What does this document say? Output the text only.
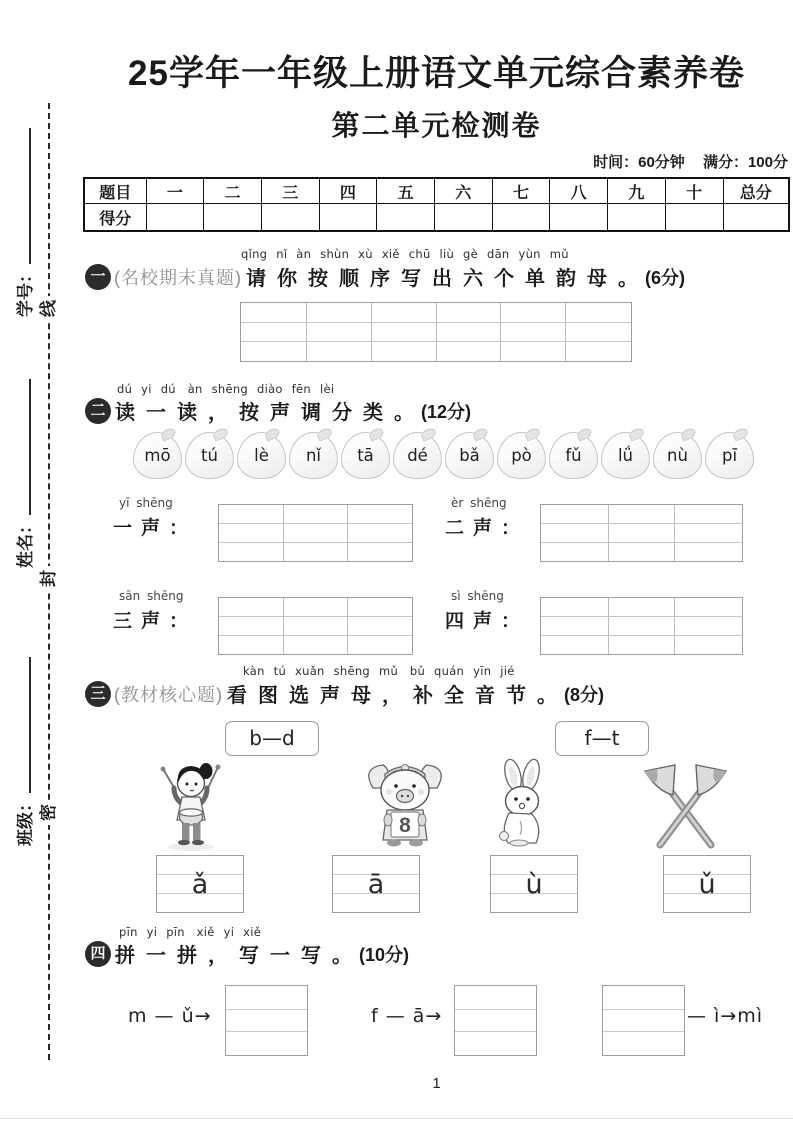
学号：
姓名：
班级：
线
封
密
25学年一年级上册语文单元综合素养卷
第二单元检测卷
时间：60分钟 满分：100分
题目	一	二	三	四	五	六	七	八	九	十	总分
得分											
qǐng nǐ àn shùn xù xiě chū liù gè dān yùn mǔ
一 (名校期末真题) 请你按顺序写出六个单韵母。
(6分)
dú yi dú　àn shēng diào fēn lèi
二 读一读，按声调分类。
(12分)
mō tú lè nǐ tā dé bǎ pò fǔ lǘ nù pī
yī shēng
一声：
èr shēng
二声：
sān shēng
三声：
sì shēng
四声：
kàn tú xuǎn shēng mǔ　bǔ quán yīn jié
三 (教材核心题) 看图选声母，补全音节。
(8分)
b—d	f—t
8
ǎ	ā	ù	ǔ
pīn yi pīn　xiě yi xiě
四 拼一拼，写一写。
(10分)
m — ǔ→	f — ā→	— ì→mì
1
